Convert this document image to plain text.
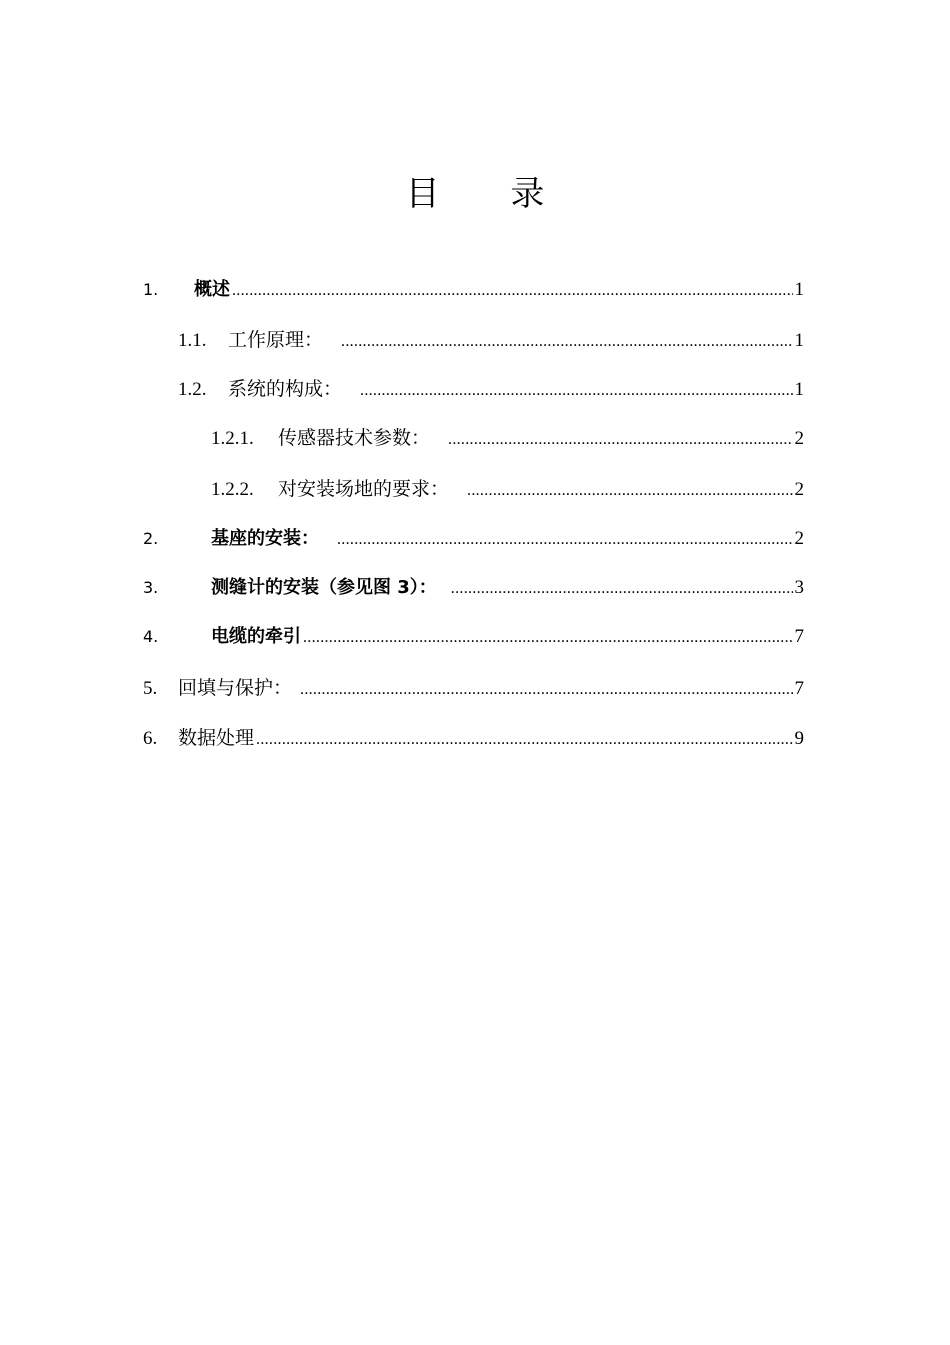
目 录
1.	概述 .....	1
1.1.	工作原理： .....	1
1.2.	系统的构成： .....	1
1.2.1.	传感器技术参数： .....	2
1.2.2.	对安装场地的要求： .....	2
2.	基座的安装： .....	2
3.	测缝计的安装（参见图 3）： .....	3
4.	电缆的牵引 .....	7
5.	回填与保护： .....	7
6.	数据处理 .....	9
